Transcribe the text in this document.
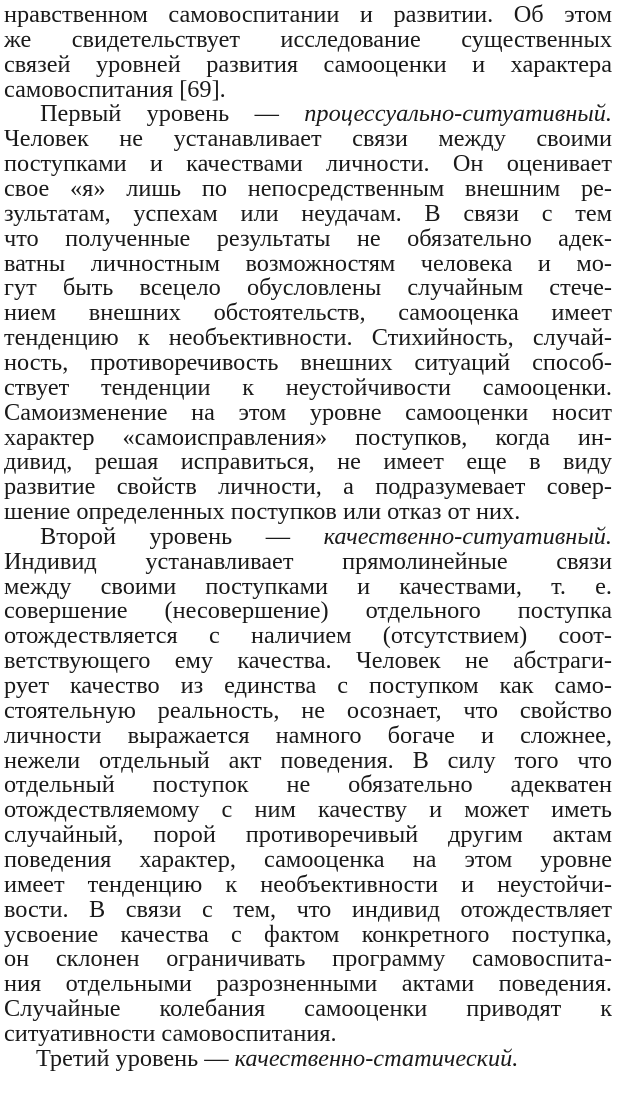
нравственном самовоспитании и развитии. Об этом
же свидетельствует исследование существенных
связей уровней развития самооценки и характера
самовоспитания [69].
Первый уровень — процессуально-ситуативный.
Человек не устанавливает связи между своими
поступками и качествами личности. Он оценивает
свое «я» лишь по непосредственным внешним ре-
зультатам, успехам или неудачам. В связи с тем
что полученные результаты не обязательно адек-
ватны личностным возможностям человека и мо-
гут быть всецело обусловлены случайным стече-
нием внешних обстоятельств, самооценка имеет
тенденцию к необъективности. Стихийность, случай-
ность, противоречивость внешних ситуаций способ-
ствует тенденции к неустойчивости самооценки.
Самоизменение на этом уровне самооценки носит
характер «самоисправления» поступков, когда ин-
дивид, решая исправиться, не имеет еще в виду
развитие свойств личности, а подразумевает совер-
шение определенных поступков или отказ от них.
Второй уровень — качественно-ситуативный.
Индивид устанавливает прямолинейные связи
между своими поступками и качествами, т. е.
совершение (несовершение) отдельного поступка
отождествляется с наличием (отсутствием) соот-
ветствующего ему качества. Человек не абстраги-
рует качество из единства с поступком как само-
стоятельную реальность, не осознает, что свойство
личности выражается намного богаче и сложнее,
нежели отдельный акт поведения. В силу того что
отдельный поступок не обязательно адекватен
отождествляемому с ним качеству и может иметь
случайный, порой противоречивый другим актам
поведения характер, самооценка на этом уровне
имеет тенденцию к необъективности и неустойчи-
вости. В связи с тем, что индивид отождествляет
усвоение качества с фактом конкретного поступка,
он склонен ограничивать программу самовоспита-
ния отдельными разрозненными актами поведения.
Случайные колебания самооценки приводят к
ситуативности самовоспитания.
Третий уровень — качественно-статический.
